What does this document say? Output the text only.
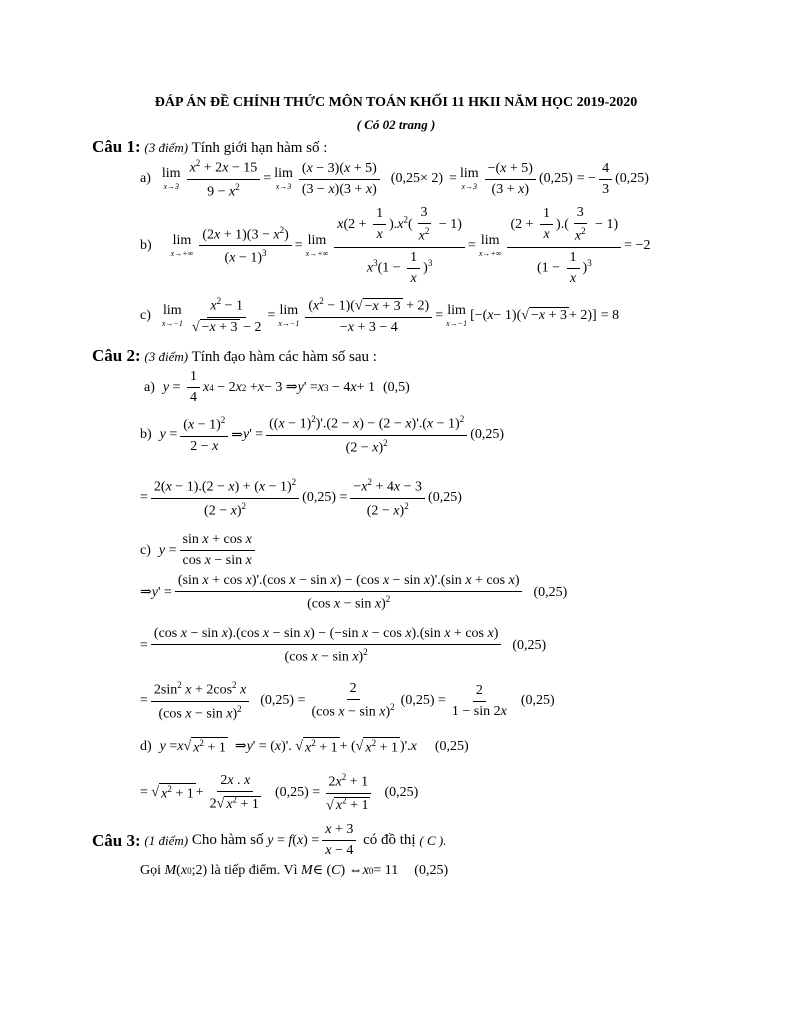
ĐÁP ÁN ĐỀ CHÍNH THỨC MÔN TOÁN KHỐI 11 HKII NĂM HỌC 2019-2020
( Có 02 trang )
Câu 1: (3 điểm) Tính giới hạn hàm số :
a) lim
$x\to 3 \frac{x^2 + 2x - 15}{9 - x^2} = \lim$
$x\to 3 \frac{(x - 3)(x + 5)}{(3 - x)(3 + x)} (0,25\times 2) = \lim$
$x\to 3 \frac{-(x + 5)}{(3 + x)} (0,25)$ = − $\frac{4}{3} (0,25)$
b) lim
$x\to+\infty \frac{(2x + 1)(3 - x^2)}{(x - 1)^3} = \lim$
$x\to+\infty \frac{x(2 + \frac{1}{x} ).x^2( \frac{3}{x^2} - 1)}{x^3(1 - \frac{1}{x} )^3} = \lim$
$x\to+\infty \frac{(2 + \frac{1}{x} ).( \frac{3}{x^2} - 1)}{(1 - \frac{1}{x} )^3} = -2$
c) lim
$x\to-1 \frac{x^2 - 1}{√ -x + 3 - 2} = \lim$
$x\to-1 \frac{(x^2 - 1)(√ -x + 3 + 2)}{-x + 3 - 4} = \lim$
x→−1
[−( x − 1)(√ −x + 3 + 2)] = 8
Câu 2: (3 điểm) Tính đạo hàm các hàm số sau :
a) $y = \frac{1}{4}$ x 4 − 2 x 2 + x − 3 ⇒ y ' = x 3 − 4 x + 1 (0,5)
b) $y = \frac{(x - 1)^2}{2 - x}$ ⇒ y ' = $\frac{((x - 1)^2)'.(2 - x) - (2 - x)'.(x - 1)^2}{(2 - x)^2} (0,25)$
= $\frac{2(x - 1).(2 - x) + (x - 1)^2}{(2 - x)^2} (0,25) = \frac{-x^2 + 4x - 3}{(2 - x)^2} (0,25)$
c) $y = \frac{\text{sin x + cos x}}{\text{cos x − sin x}}$
⇒ y ' =
(sin x + cos x)'.(cos x − sin x) − (cos x − sin x)'.(sin x + cos x)
(cos x − sin x)$^2$	(0,25)
=
(cos x − sin x).(cos x − sin x) − (−sin x − cos x).(sin x + cos x)
(cos x − sin x)$^2$	(0,25)
= $\frac{2\sin^2 x + 2\cos^2 x}{(\cos x - \sin x)^2} (0,25) = \frac{2}{(\cos x - \sin x)^2} (0,25) = \frac{2}{1 - \sin 2x} (0,25)$
d) y = x √ $x^2 + 1$ ⇒ y ' = ( x )'. √ $x^2 + 1$ + (√ $x^2 + 1$ )'. x (0,25)
= √ $x^2 + 1 + \frac{2x . x}{2√ x^2 + 1} (0,25) = \frac{2x^2 + 1}{√ x^2 + 1} (0,25)$
Câu 3:
(1 điểm)
Cho hàm số
$y = f(x) = \frac{x + 3}{x - 4}$
có đồ thị
( C ).
Gọi
M ( x 0 ;2) là tiếp điểm. Vì
M ∈ ( C ) ⇔ x 0 = 11 (0,25)
